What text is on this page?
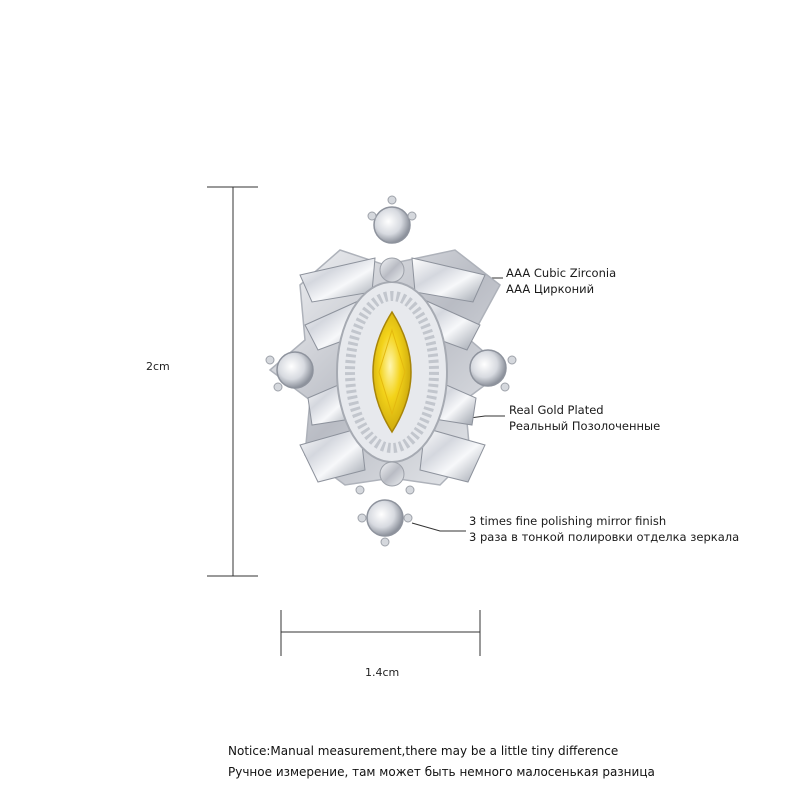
2cm
1.4cm
AAA Cubic Zirconia
AAA Цирконий
Real Gold Plated
Реальный Позолоченные
3 times fine polishing mirror finish
3 раза в тонкой полировки отделка зеркала
Notice:Manual measurement,there may be a little tiny difference
Ручное измерение, там может быть немного малосенькая разница
